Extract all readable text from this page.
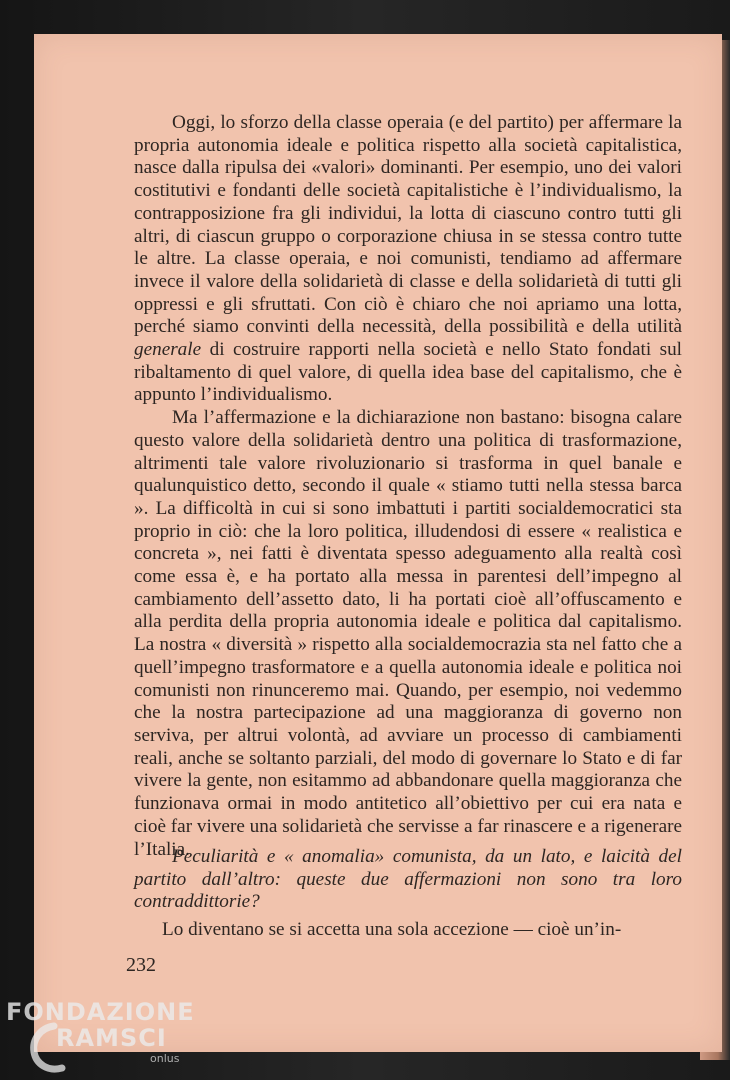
Oggi, lo sforzo della classe operaia (e del partito) per affermare la propria autonomia ideale e politica rispetto alla società capitalistica, nasce dalla ripulsa dei «valori» dominanti. Per esempio, uno dei valori costitutivi e fondanti delle società capitalistiche è l’individualismo, la contrapposizione fra gli individui, la lotta di ciascuno contro tutti gli altri, di ciascun gruppo o corporazione chiusa in se stessa contro tutte le altre. La classe operaia, e noi comunisti, tendiamo ad affermare invece il valore della solidarietà di classe e della solidarietà di tutti gli oppressi e gli sfruttati. Con ciò è chiaro che noi apriamo una lotta, perché siamo convinti della necessità, della possibilità e della utilità generale di costruire rapporti nella società e nello Stato fondati sul ribaltamento di quel valore, di quella idea base del capitalismo, che è appunto l’individualismo.

Ma l’affermazione e la dichiarazione non bastano: bisogna calare questo valore della solidarietà dentro una politica di trasformazione, altrimenti tale valore rivoluzionario si trasforma in quel banale e qualunquistico detto, secondo il quale « stiamo tutti nella stessa barca ». La difficoltà in cui si sono imbattuti i partiti socialdemocratici sta proprio in ciò: che la loro politica, illudendosi di essere « realistica e concreta », nei fatti è diventata spesso adeguamento alla realtà così come essa è, e ha portato alla messa in parentesi dell’impegno al cambiamento dell’assetto dato, li ha portati cioè all’offuscamento e alla perdita della propria autonomia ideale e politica dal capitalismo. La nostra « diversità » rispetto alla socialdemocrazia sta nel fatto che a quell’impegno trasformatore e a quella autonomia ideale e politica noi comunisti non rinunceremo mai. Quando, per esempio, noi vedemmo che la nostra partecipazione ad una maggioranza di governo non serviva, per altrui volontà, ad avviare un processo di cambiamenti reali, anche se soltanto parziali, del modo di governare lo Stato e di far vivere la gente, non esitammo ad abbandonare quella maggioranza che funzionava ormai in modo antitetico all’obiettivo per cui era nata e cioè far vivere una solidarietà che servisse a far rinascere e a rigenerare l’Italia.

Peculiarità e « anomalia» comunista, da un lato, e laicità del partito dall’altro: queste due affermazioni non sono tra loro contraddittorie?
Lo diventano se si accetta una sola accezione — cioè un’in-
232
FONDAZIONE
RAMSCI
onlus
